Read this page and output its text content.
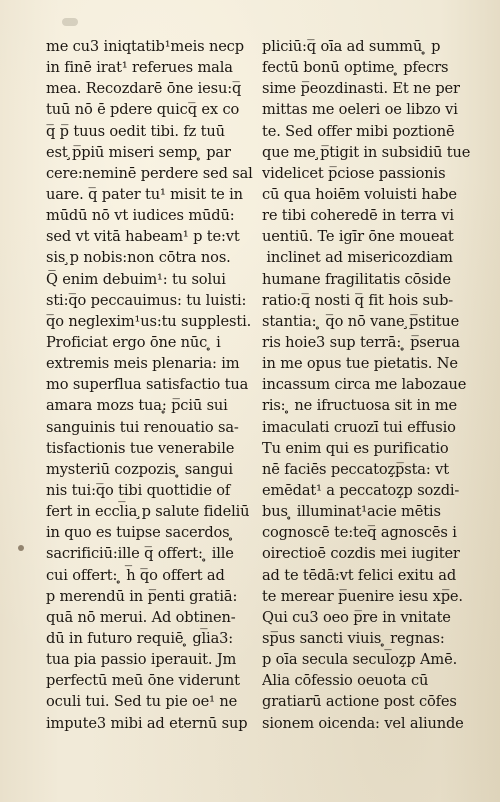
me cu3 iniqtatib¹meis necp
in finē irat¹ referues mala
mea. Recozdarē ōne iesu:q̅
tuū nō ē pdere quicq̅ ex co
q̅ p̅ tuus oedit tibi. fz tuū
est ̧p̅piū miseri semp ̥ par
cere:neminē perdere sed sal
uare. q̅ pater tu¹ misit te in
mūdū nō vt iudices mūdū:
sed vt vitā habeam¹ p te:vt
sis ̧p nobis:non cōtra nos.
Q̅ enim debuim¹: tu solui
sti:q̅o peccauimus: tu luisti:
q̅o neglexim¹us:tu supplesti.
Proficiat ergo ōne nūc ̥ i
extremis meis plenaria: im
mo superflua satisfactio tua
amara mozs tua:̥ p̅ciū sui
sanguinis tui renouatio sa-
tisfactionis tue venerabile
mysteriū cozpozis ̥ sangui
nis tui:q̅o tibi quottidie of
fert in eccl̅ia ̧p salute fideliū
in quo es tuipse sacerdos ̥
sacrificiū:ille q̅ offert: ̥ ille
cui offert: ̥ h̅ q̅o offert ad
̧p merendū in p̅enti gratiā:
quā nō merui. Ad obtinen-
dū in futuro requiē ̥ gl̅ia3:
tua pia passio iperauit. Jm
perfectū meū ōne viderunt
oculi tui. Sed tu pie oe¹ ne
impute3 mibi ad eternū sup
pliciū:q̅ oīa ad summū ̥ p
fectū bonū optime ̥ pfecrs
sime p̅eozdinasti. Et ne per
mittas me oeleri oe libzo vi
te. Sed offer mibi poztionē
que me ̧p̅tigit in subsidiū tue
videlicet p̅ciose passionis
cū qua hoiēm voluisti habe
re tibi coheredē in terra vi
uentiū. Te igīr ōne moueat
̥ inclinet ad misericozdiam
humane fragilitatis cōside
ratio:q̅ nosti q̅ fit hois sub-
stantia: ̥ q̅o nō vane ̧p̅stitue
ris hoie3 sup terrā: ̥ p̅serua
in me opus tue pietatis. Ne
incassum circa me labozaue
ris: ̥ ne ifructuosa sit in me
imaculati cruozī tui effusio
Tu enim qui es purificatio
nē faciēs peccatoz̧p̅sta: vt
emēdat¹ a peccatoz̧p sozdi-
bus ̥ illuminat¹acie mētis
cognoscē te:teq̅ agnoscēs i
oirectioē cozdis mei iugiter
ad te tēdā:vt felici exitu ad
te merear p̅uenire iesu xp̅e.
Qui cu3 oeo p̅re in vnitate
sp̅us sancti viuis ̥ regnas:
p oīa secula secul̅oz̧p Amē.
Alia cōfessio oeuota cū
gratiarū actione post cōfes
sionem oicenda: vel aliunde
